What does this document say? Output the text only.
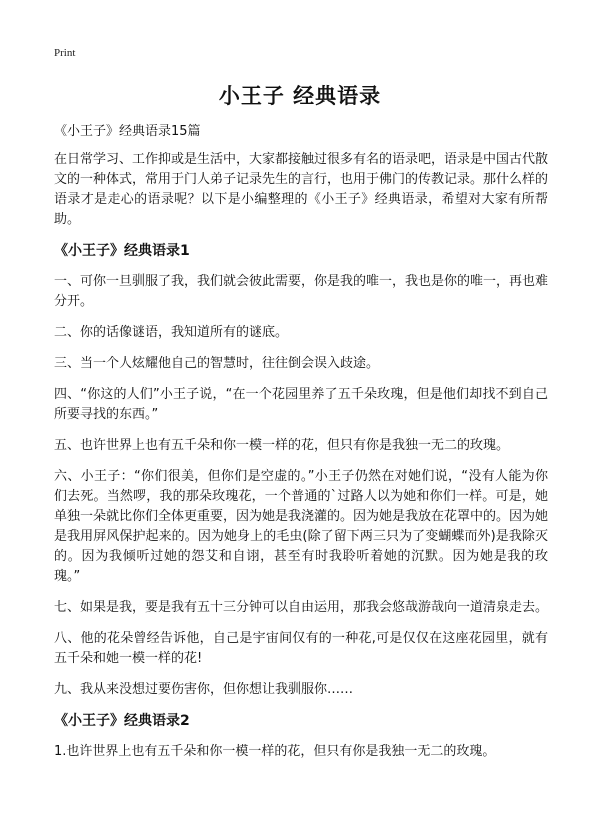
Print
小王子 经典语录
《小王子》经典语录15篇

在日常学习、工作抑或是生活中，大家都接触过很多有名的语录吧，语录是中国古代散文的一种体式，常用于门人弟子记录先生的言行，也用于佛门的传教记录。那什么样的语录才是走心的语录呢？以下是小编整理的《小王子》经典语录，希望对大家有所帮助。

《小王子》经典语录1

一、可你一旦驯服了我，我们就会彼此需要，你是我的唯一，我也是你的唯一，再也难分开。

二、你的话像谜语，我知道所有的谜底。

三、当一个人炫耀他自己的智慧时，往往倒会误入歧途。

四、“你这的人们”小王子说，“在一个花园里养了五千朵玫瑰，但是他们却找不到自己所要寻找的东西。”

五、也许世界上也有五千朵和你一模一样的花，但只有你是我独一无二的玫瑰。

六、小王子：“你们很美，但你们是空虚的。”小王子仍然在对她们说，“没有人能为你们去死。当然啰，我的那朵玫瑰花，一个普通的`过路人以为她和你们一样。可是，她单独一朵就比你们全体更重要，因为她是我浇灌的。因为她是我放在花罩中的。因为她是我用屏风保护起来的。因为她身上的毛虫(除了留下两三只为了变蝴蝶而外)是我除灭的。因为我倾听过她的怨艾和自诩，甚至有时我聆听着她的沉默。因为她是我的玫瑰。”

七、如果是我，要是我有五十三分钟可以自由运用，那我会悠哉游哉向一道清泉走去。

八、他的花朵曾经告诉他，自己是宇宙间仅有的一种花,可是仅仅在这座花园里，就有五千朵和她一模一样的花!

九、我从来没想过要伤害你，但你想让我驯服你……

《小王子》经典语录2

1.也许世界上也有五千朵和你一模一样的花，但只有你是我独一无二的玫瑰。
